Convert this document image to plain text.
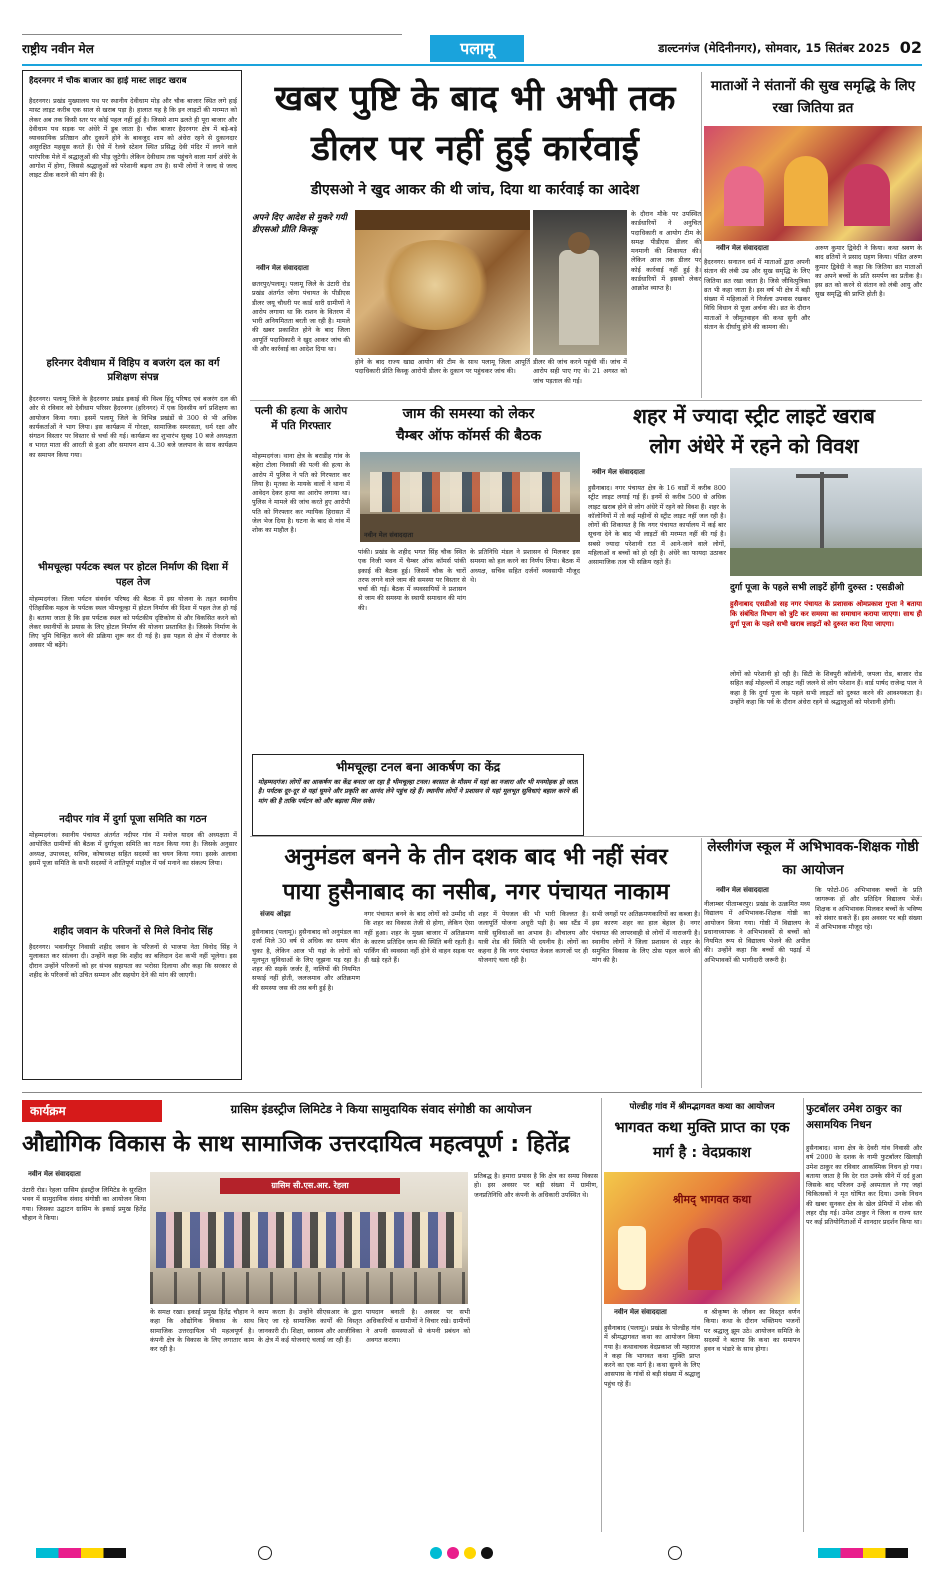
राष्ट्रीय नवीन मेल	पलामू	डाल्टनगंज (मेदिनीनगर), सोमवार, 15 सितंबर 2025 02
हैदरनगर में चौक बाजार का हाई मास्ट लाइट खराब
हैदरनगर। प्रखंड मुख्यालय पथ पर स्थानीय देवीधाम मोड़ और चौक बाजार स्थित लगे हाई मास्ट लाइट करीब एक साल से खराब पड़ा है। हालात यह है कि इन लाइटों की मरम्मत को लेकर अब तक किसी स्तर पर कोई पहल नहीं हुई है। जिससे शाम ढलते ही पूरा बाजार और देवीधाम पथ सड़क पर अंधेरे में डूब जाता है। चौक बाजार हैदरनगर क्षेत्र में बड़े-बड़े व्यावसायिक प्रतिष्ठान और दुकानें होने के बावजूद शाम को अंधेरा रहने से दुकानदार असुरक्षित महसूस करते हैं। ऐसे में रेलवे स्टेशन स्थित प्रसिद्ध देवी मंदिर में लगने वाले पारंपरिक मेले में श्रद्धालुओं की भीड़ जुटेगी। लेकिन देवीधाम तक पहुंचने वाला मार्ग अंधेरे के आगोश में होगा, जिससे श्रद्धालुओं को परेशानी बढ़ना तय है। सभी लोगों ने जल्द से जल्द लाइट ठीक कराने की मांग की है।
हरिनगर देवीधाम में विहिप व बजरंग दल का वर्ग प्रशिक्षण संपन्न
हैदरनगर। पलामू जिले के हैदरनगर प्रखंड इकाई की विश्व हिंदू परिषद एवं बजरंग दल की ओर से रविवार को देवीधाम परिसर हैदरनगर (हरिनगर) में एक दिवसीय वर्ग प्रशिक्षण का आयोजन किया गया। इसमें पलामू जिले के विभिन्न प्रखंडों से 300 से भी अधिक कार्यकर्ताओं ने भाग लिया। इस कार्यक्रम में गोरक्षा, सामाजिक समरसता, धर्म रक्षा और संगठन विस्तार पर विस्तार से चर्चा की गई। कार्यक्रम का शुभारंभ सुबह 10 बजे अध्यक्षता व भारत माता की आरती से हुआ और समापन शाम 4.30 बजे जलपान के साथ कार्यक्रम का समापन किया गया।
भीमचूल्हा पर्यटक स्थल पर होटल निर्माण की दिशा में पहल तेज
मोहम्मदगंज। जिला पर्यटन संवर्धन परिषद की बैठक में इस योजना के तहत स्थानीय ऐतिहासिक महत्व के पर्यटक स्थल भीमचूल्हा में होटल निर्माण की दिशा में पहल तेज हो गई है। बताया जाता है कि इस पर्यटक स्थल को पर्यटकीय दृष्टिकोण से और विकसित करने को लेकर स्थानीयों के प्रयास के लिए होटल निर्माण की योजना प्रस्तावित है। जिसके निर्माण के लिए भूमि चिन्हित करने की प्रक्रिया शुरू कर दी गई है। इस पहल से क्षेत्र में रोजगार के अवसर भी बढ़ेंगे।
नदीपर गांव में दुर्गा पूजा समिति का गठन
मोहम्मदगंज। स्थानीय पंचायत अंतर्गत नदीपर गांव में मनोज यादव की अध्यक्षता में आयोजित ग्रामीणों की बैठक में दुर्गापूजा समिति का गठन किया गया है। जिसके अनुसार अध्यक्ष, उपाध्यक्ष, सचिव, कोषाध्यक्ष सहित सदस्यों का चयन किया गया। इसके अलावा इसमें पूजा समिति के सभी सदस्यों ने शांतिपूर्ण माहौल में पर्व मनाने का संकल्प लिया।
शहीद जवान के परिजनों से मिले विनोद सिंह
हैदरनगर। भवानीपुर निवासी शहीद जवान के परिजनों से भाजपा नेता विनोद सिंह ने मुलाकात कर सांत्वना दी। उन्होंने कहा कि शहीद का बलिदान देश कभी नहीं भूलेगा। इस दौरान उन्होंने परिजनों को हर संभव सहायता का भरोसा दिलाया और कहा कि सरकार से शहीद के परिजनों को उचित सम्मान और सहयोग देने की मांग की जाएगी।
खबर पुष्टि के बाद भी अभी तक
डीलर पर नहीं हुई कार्रवाई
डीएसओ ने खुद आकर की थी जांच, दिया था कार्रवाई का आदेश
अपने दिए आदेश से मुकरे गयी डीएसओ प्रीति किस्कू
नवीन मेल संवाददाता
छतरपुर/पलामू। पलामू जिले के उंटारी रोड प्रखंड अंतर्गत जोगा पंचायत के पीडीएस डीलर जयू चौधरी पर कार्ड धारी ग्रामीणों ने आरोप लगाया था कि राशन के वितरण में भारी अनियमितता बरती जा रही है। मामले की खबर प्रकाशित होने के बाद जिला आपूर्ति पदाधिकारी ने खुद आकर जांच की थी और कार्रवाई का आदेश दिया था।
होने के बाद राज्य खाद्य आयोग की टीम के साथ पलामू जिला आपूर्ति पदाधिकारी प्रीति किस्कू आरोपी डीलर के दुकान पर पहुंचकर जांच की।
डीलर की जांच करने पहुंची थीं। जांच में आरोप सही पाए गए थे। 21 अगस्त को जांच पड़ताल की गई।
के दौरान मौके पर उपस्थित कार्डधारियों ने अनुचित पदाधिकारी व आयोग टीम के समक्ष पीडीएस डीलर की मनमानी की शिकायत की। लेकिन आज तक डीलर पर कोई कार्रवाई नहीं हुई है। कार्डधारियों में इसको लेकर आक्रोश व्याप्त है।
पत्नी की हत्या के आरोप में पति गिरफ्तार
मोहम्मदगंज। थाना क्षेत्र के बराडीह गांव के बहेरा टोला निवासी की पत्नी की हत्या के आरोप में पुलिस ने पति को गिरफ्तार कर लिया है। मृतका के मायके वालों ने थाना में आवेदन देकर हत्या का आरोप लगाया था। पुलिस ने मामले की जांच करते हुए आरोपी पति को गिरफ्तार कर न्यायिक हिरासत में जेल भेज दिया है। घटना के बाद से गांव में शोक का माहौल है।
जाम की समस्या को लेकर
चैम्बर ऑफ कॉमर्स की बैठक
नवीन मेल संवाददाता
पांकी। प्रखंड के शहीद भगत सिंह चौक स्थित एक निजी भवन में चैम्बर ऑफ कॉमर्स पांकी इकाई की बैठक हुई। जिसमें चौक के चारों तरफ लगने वाले जाम की समस्या पर विस्तार से चर्चा की गई। बैठक में व्यवसायियों ने प्रशासन से जाम की समस्या के स्थायी समाधान की मांग की।
के प्रतिनिधि मंडल ने प्रशासन से मिलकर इस समस्या को हल करने का निर्णय लिया। बैठक में अध्यक्ष, सचिव सहित दर्जनों व्यवसायी मौजूद थे।
शहर में ज्यादा स्ट्रीट लाइटें खराब
लोग अंधेरे में रहने को विवश
नवीन मेल संवाददाता
हुसैनाबाद। नगर पंचायत क्षेत्र के 16 वार्डों में करीब 800 स्ट्रीट लाइट लगाई गई हैं। इनमें से करीब 500 से अधिक लाइट खराब होने से लोग अंधेरे में रहने को विवश हैं। शहर के कॉलोनियों में तो कई महीनों से स्ट्रीट लाइट नहीं जल रही है। लोगों की शिकायत है कि नगर पंचायत कार्यालय में कई बार सूचना देने के बाद भी लाइटों की मरम्मत नहीं की गई है। सबसे ज्यादा परेशानी रात में आने-जाने वाले लोगों, महिलाओं व बच्चों को हो रही है। अंधेरे का फायदा उठाकर असामाजिक तत्व भी सक्रिय रहते हैं।
दुर्गा पूजा के पहले सभी लाइटें होंगी दुरुस्त : एसडीओ
हुसैनाबाद एसडीओ सह नगर पंचायत के प्रशासक ओमप्रकाश गुप्ता ने बताया कि संबंधित विभाग को त्रुटि कर समस्या का समाधान कराया जाएगा। साथ ही दुर्गा पूजा के पहले सभी खराब लाइटों को दुरुस्त करा दिया जाएगा।
लोगों को परेशानी हो रही है। सिटी के शिवपुरी कॉलोनी, जपला रोड, बाजार रोड सहित कई मोहल्लों में लाइट नहीं जलने से लोग परेशान हैं। वार्ड पार्षद राजेन्द्र पाल ने कहा है कि दुर्गा पूजा के पहले सभी लाइटों को दुरुस्त करने की आवश्यकता है। उन्होंने कहा कि पर्व के दौरान अंधेरा रहने से श्रद्धालुओं को परेशानी होगी।
माताओं ने संतानों की सुख समृद्धि के लिए रखा जितिया व्रत
नवीन मेल संवाददाता
हैदरनगर। सनातन धर्म में माताओं द्वारा अपनी संतान की लंबी उम्र और सुख समृद्धि के लिए जितिया व्रत रखा जाता है। जिसे जीवित्पुत्रिका व्रत भी कहा जाता है। इस वर्ष भी क्षेत्र में बड़ी संख्या में महिलाओं ने निर्जला उपवास रखकर विधि विधान से पूजा अर्चना की। व्रत के दौरान माताओं ने जीमूतवाहन की कथा सुनी और संतान के दीर्घायु होने की कामना की।
अरुण कुमार द्विवेदी ने किया। कथा श्रवण के बाद व्रतियों ने प्रसाद ग्रहण किया। पंडित अरुण कुमार द्विवेदी ने कहा कि जितिया व्रत माताओं का अपने बच्चों के प्रति समर्पण का प्रतीक है। इस व्रत को करने से संतान को लंबी आयु और सुख समृद्धि की प्राप्ति होती है।
भीमचूल्हा टनल बना आकर्षण का केंद्र
मोहम्मदगंज। लोगों का आकर्षण का केंद्र बनता जा रहा है भीमचूल्हा टनल। बरसात के मौसम में यहां का नजारा और भी मनमोहक हो जाता है। पर्यटक दूर-दूर से यहां घूमने और प्रकृति का आनंद लेने पहुंच रहे हैं। स्थानीय लोगों ने प्रशासन से यहां मूलभूत सुविधाएं बहाल करने की मांग की है ताकि पर्यटन को और बढ़ावा मिल सके।
अनुमंडल बनने के तीन दशक बाद भी नहीं संवर
पाया हुसैनाबाद का नसीब, नगर पंचायत नाकाम
संजय ओझा
हुसैनाबाद (पलामू)। हुसैनाबाद को अनुमंडल का दर्जा मिले 30 वर्ष से अधिक का समय बीत चुका है, लेकिन आज भी यहां के लोगों को मूलभूत सुविधाओं के लिए जूझना पड़ रहा है। शहर की सड़कें जर्जर हैं, नालियों की नियमित सफाई नहीं होती, जलजमाव और अतिक्रमण की समस्या जस की तस बनी हुई है।
नगर पंचायत बनने के बाद लोगों को उम्मीद थी कि शहर का विकास तेजी से होगा, लेकिन ऐसा नहीं हुआ। शहर के मुख्य बाजार में अतिक्रमण के कारण प्रतिदिन जाम की स्थिति बनी रहती है। पार्किंग की व्यवस्था नहीं होने से वाहन सड़क पर ही खड़े रहते हैं।
शहर में पेयजल की भी भारी किल्लत है। जलापूर्ति योजना अधूरी पड़ी है। बस स्टैंड में यात्री सुविधाओं का अभाव है। शौचालय और यात्री शेड की स्थिति भी दयनीय है। लोगों का कहना है कि नगर पंचायत केवल कागजों पर ही योजनाएं चला रही है।
सभी जगहों पर अतिक्रमणकारियों का कब्जा है। इस कारण शहर का हाल बेहाल है। नगर पंचायत की लापरवाही से लोगों में नाराजगी है। स्थानीय लोगों ने जिला प्रशासन से शहर के समुचित विकास के लिए ठोस पहल करने की मांग की है।
लेस्लीगंज स्कूल में अभिभावक-शिक्षक गोष्ठी का आयोजन
नवीन मेल संवाददाता
नीलाम्बर पीताम्बरपुर। प्रखंड के उत्क्रमित मध्य विद्यालय में अभिभावक-शिक्षक गोष्ठी का आयोजन किया गया। गोष्ठी में विद्यालय के प्रधानाध्यापक ने अभिभावकों से बच्चों को नियमित रूप से विद्यालय भेजने की अपील की। उन्होंने कहा कि बच्चों की पढ़ाई में अभिभावकों की भागीदारी जरूरी है।
कि फोटो-06 अभिभावक बच्चों के प्रति जागरूक हों और प्रतिदिन विद्यालय भेजें। शिक्षक व अभिभावक मिलकर बच्चों के भविष्य को संवार सकते हैं। इस अवसर पर बड़ी संख्या में अभिभावक मौजूद रहे।
कार्यक्रम	ग्रासिम इंडस्ट्रीज लिमिटेड ने किया सामुदायिक संवाद संगोष्ठी का आयोजन
औद्योगिक विकास के साथ सामाजिक उत्तरदायित्व महत्वपूर्ण : हितेंद्र
नवीन मेल संवाददाता
उंटारी रोड। रेहला ग्रासिम इंडस्ट्रीज लिमिटेड के सुरक्षित भवन में सामुदायिक संवाद संगोष्ठी का आयोजन किया गया। जिसका उद्घाटन ग्रासिम के इकाई प्रमुख हितेंद्र चौहान ने किया।
ग्रासिम सी.एस.आर. रेहला
के समक्ष रखा। इकाई प्रमुख हितेंद्र चौहान ने कहा कि औद्योगिक विकास के साथ सामाजिक उत्तरदायित्व भी महत्वपूर्ण है। कंपनी क्षेत्र के विकास के लिए लगातार काम कर रही है।
काम करता है। उन्होंने सीएसआर के द्वारा किए जा रहे सामाजिक कार्यों की विस्तृत जानकारी दी। शिक्षा, स्वास्थ्य और आजीविका के क्षेत्र में कई योजनाएं चलाई जा रही हैं।
पायदान बनाती है। अवसर पर सभी अधिकारियों व ग्रामीणों ने विचार रखे। ग्रामीणों ने अपनी समस्याओं से कंपनी प्रबंधन को अवगत कराया।
प्रतिबद्ध है। हमारा प्रयास है कि क्षेत्र का समग्र विकास हो। इस अवसर पर बड़ी संख्या में ग्रामीण, जनप्रतिनिधि और कंपनी के अधिकारी उपस्थित थे।
पोल्डीह गांव में श्रीमद्भागवत कथा का आयोजन
भागवत कथा मुक्ति प्राप्त का एक मार्ग है : वेदप्रकाश
श्रीमद् भागवत कथा
नवीन मेल संवाददाता
हुसैनाबाद (पलामू)। प्रखंड के पोल्डीह गांव में श्रीमद्भागवत कथा का आयोजन किया गया है। कथावाचक वेदप्रकाश जी महाराज ने कहा कि भागवत कथा मुक्ति प्राप्त करने का एक मार्ग है। कथा सुनने के लिए आसपास के गांवों से बड़ी संख्या में श्रद्धालु पहुंच रहे हैं।
व श्रीकृष्ण के जीवन का विस्तृत वर्णन किया। कथा के दौरान भक्तिमय भजनों पर श्रद्धालु झूम उठे। आयोजन समिति के सदस्यों ने बताया कि कथा का समापन हवन व भंडारे के साथ होगा।
फुटबॉलर उमेश ठाकुर का असामयिक निधन
हुसैनाबाद। थाना क्षेत्र के देवरी गांव निवासी और वर्ष 2000 के दशक के नामी फुटबॉलर खिलाड़ी उमेश ठाकुर का रविवार आकस्मिक निधन हो गया। बताया जाता है कि देर रात उनके सीने में दर्द हुआ जिसके बाद परिजन उन्हें अस्पताल ले गए जहां चिकित्सकों ने मृत घोषित कर दिया। उनके निधन की खबर सुनकर क्षेत्र के खेल प्रेमियों में शोक की लहर दौड़ गई। उमेश ठाकुर ने जिला व राज्य स्तर पर कई प्रतियोगिताओं में शानदार प्रदर्शन किया था।
